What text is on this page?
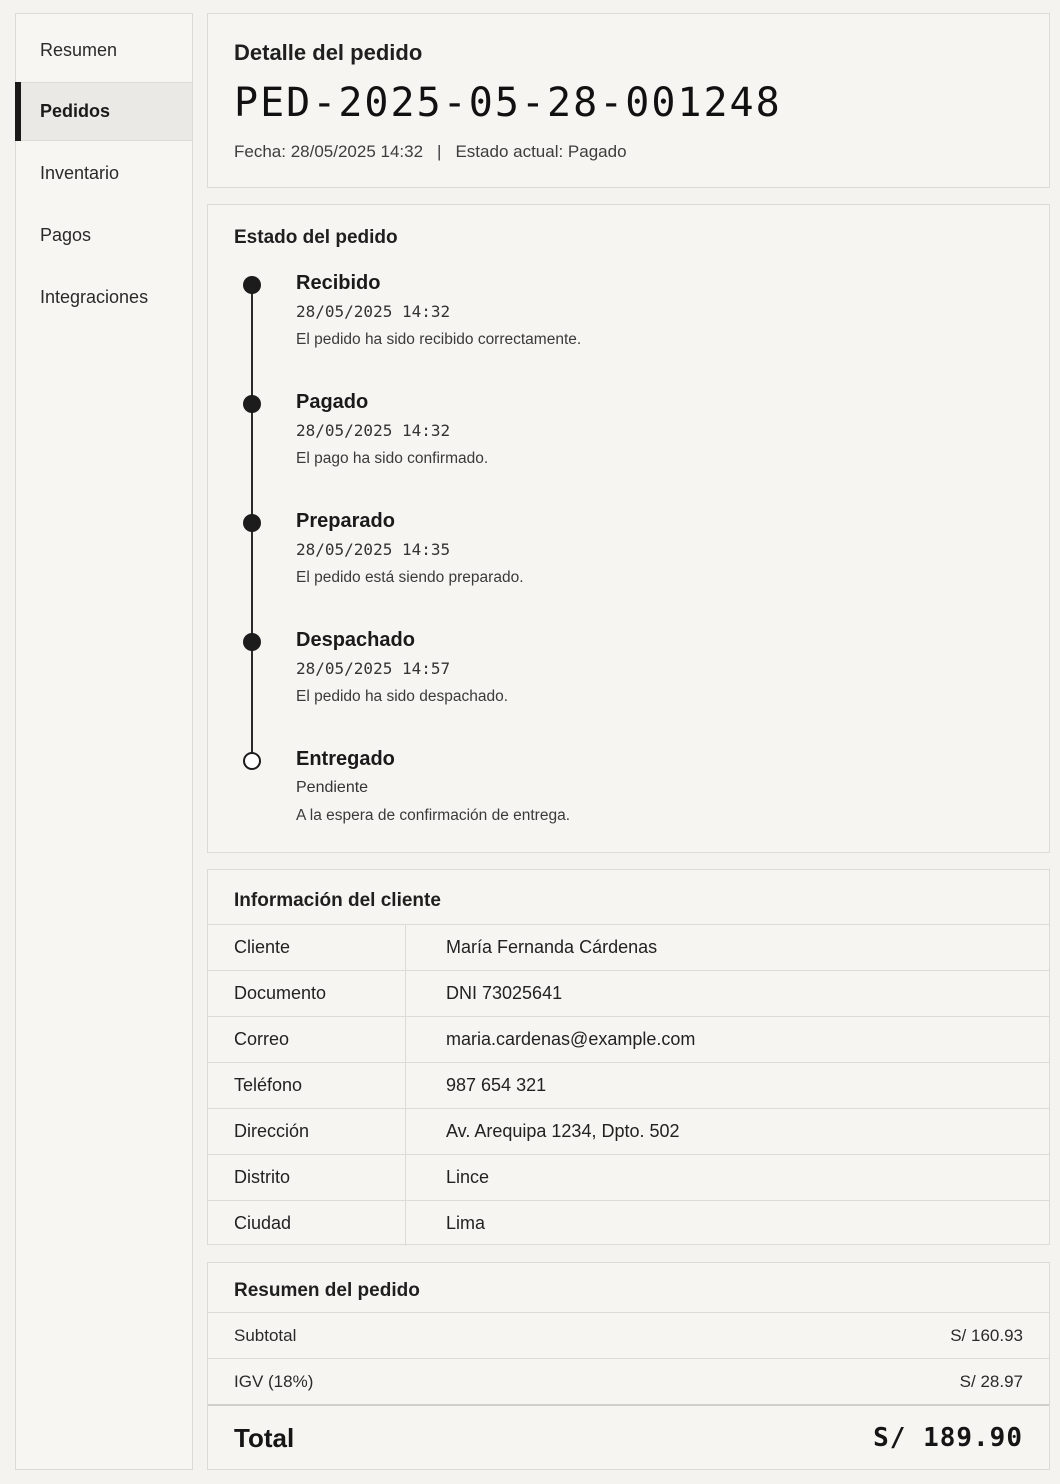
Resumen
Pedidos
Inventario
Pagos
Integraciones
Detalle del pedido
PED-2025-05-28-001248
Fecha: 28/05/2025 14:32 | Estado actual: Pagado
Estado del pedido
Recibido
28/05/2025 14:32
El pedido ha sido recibido correctamente.
Pagado
28/05/2025 14:32
El pago ha sido confirmado.
Preparado
28/05/2025 14:35
El pedido está siendo preparado.
Despachado
28/05/2025 14:57
El pedido ha sido despachado.
Entregado
Pendiente
A la espera de confirmación de entrega.
Información del cliente
Cliente	María Fernanda Cárdenas
Documento	DNI 73025641
Correo	maria.cardenas@example.com
Teléfono	987 654 321
Dirección	Av. Arequipa 1234, Dpto. 502
Distrito	Lince
Ciudad	Lima
Resumen del pedido
Subtotal	S/ 160.93
IGV (18%)	S/ 28.97
Total	S/ 189.90
